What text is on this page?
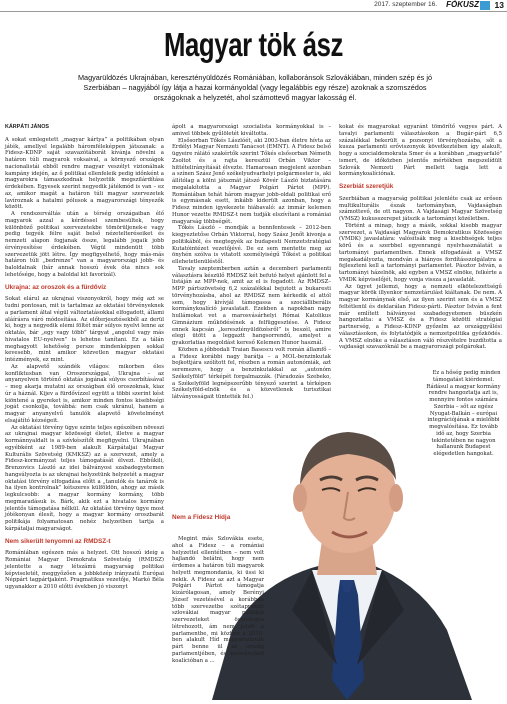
2017. szeptember 16. FÓKUSZ 13
Magyar tök ász
Magyarüldözés Ukrajnában, keresztényüldözés Romániában, kollaboránsok Szlovákiában, minden szép és jó Szerbiában – nagyjából így látja a hazai kormányoldal (vagy legalábbis egy része) azoknak a szomszédos országoknak a helyzetét, ahol számottevő magyar lakosság él.
KÁRPÁTI JÁNOS

A sokat emlegetett „magyar kártya” a politikában olyan játék, amellyel legalább háromféleképpen játszanak: a Fidesz–KDNP saját szavazótáborát kívánja növelni a határon túli magyarok voksaival, a környező országok nacionalistái ebből rendre magyar veszélyt vizionálnak kampány idején, az ő politikai ellenfeleik pedig időnként a magyarokra támaszkodnak helyzetük megszilárdítása érdekében. Egyesek szerint negyedik játékmód is van – ez az, amikor magát a határon túli magyar szervezetek lavíroznak a hatalmi pólusok a magyarországi tényezők között.

A rendszerváltás után a térség országaiban élő magyarok azzal a kérdéssel szembesültek, hogy különböző politikai szervezetekbe tömörüljenek-e vagy pedig tegyék félre saját belső nézetelteréseiket és nemzeti alapon fogjanak össze, legalább jogaik jobb érvényesítése érdekében. Végül mindenütt több szervezetük jött létre. Így megfigyelhető, hogy más-más határon túli „bedrenze” van a magyarországi jobb- és baloldalnak (bár annak hosszú évek óta nincs sok lehetősége, hogy a baloldal kit favorizál).

Ukrajna: az oroszok és a fürdővíz

Sokat elárul az ukrajnai viszonyokról, hogy még azt se tudni pontosan, mit is tartalmaz az oktatási törvényeknek a parlament által végül változtatásokkal elfogadott, állami aláírásra váró módosítása. Az előterjesztésekből az derül ki, hogy a negyedik elemi föltét már súlyos nyelvi lenne az oktatás, bár „egy vagy több” tárgyat „angolul vagy más hivatalos EU-nyelven” is lehetne tanítani. Ez a tálán meghagyott lehetőség persze mindenképpen sokkal kevesebb, mint amikor közvetlen magyar oktatási intézmények, ez mint.

Az alapvető szándék világos: mikorben éles konfliktusban van Oroszországgal, Ukrajna – az anyanyelven történő oktatás jogának súlyos csorbításával – meg akarja mutatni az országban élő oroszoknak, kiaz úr a háznál. Kijev a fürdővízzel együtt a többi szerint kést kiöntené a gyereket is, amikor minden fontos kisebbségi jogát csonkolja, továbbá: nem csak ukránul, hanem a magyar anyanyelvű tanulók alapvető követelményt elsajátító kézségeit.

Az oktatási törvény ügye szinte teljes egészében növeszi az ukrajnai magyar közösségi életet, illetve a magyar kormánnyaldalt is a szívkészítőt megfigyelni. Ukrajnában egyébként az 1989-ben alakult Kárpátaljai Magyar Kulturális Szövetség (KMKSZ) az a szervezet, amely a Fidesz-kormányzat teljes támogatását élvezi. Ebbűkili, Brenzovics László az idei bálványosi szabadegyetemen hangsúlyozta is az ukrajnai helyzetünk helyzetét a magyar oktatási törvény elfogadása előtt a „tanulók és tanárok is ha ilyen kontrolnak” kétszeres külföldön, ahogy az másik legkulcsobb: a magyar kormány kormány, több megmaradásuk is. Bárk, akik ezt a hivatalos kormány jelentős támogatása nélkül. Az oktatási törvény ügye most jótékonyan élesít, hogy a magyar kormány oroszbarát politikája folyamatosan nehéz helyzetben tartja a kárpátaljai magyarságot.

Nem sikerült lenyomni az RMDSZ-t

Romániában egészen más a helyzet. Ott hosszú ideig a Romániai Magyar Demokrata Szövetség (RMDSZ) jelentette a nagy létszámú magyarság politikai képviseletét, meggyőzően a jobbközép irányzatú Európai Néppárt tagpártjaként. Pragmatikus vezetője, Markó Béla ugyanakkor a 2010 előtti években jó viszonyt

ápolt a magyarországi szocialista kormányokkal is – amivel többek gyűlöletét kiváltotta.

Elsősorban Tőkés Lászlóét, aki 2003-ban életre hívta az Erdélyi Magyar Nemzeti Tanácsot (EMNT). A Fidesz belső ügyeire rálátó szakértők szerint Tőkés elsősorban Németh Zsoltot és a rajta keresztül Orbán Viktor – hittételirányítását élvezte. Hamarosan megjelent azonban a színen Szász Jenő székelyudvarhelyi polgármester is, aki állítólag a kölni játszmát játszó Kövér László biztatására megalakította a Magyar Polgári Pártot (MPP). Romániában tehát három magyar jobb-oldali politikai erő is egymásnak esett, inkább kiderült azonban, hogy a Fidesz minden igyekezete hiábavaló: az immár kelemen Hunor vezette RMDSZ-t nem tudják elszívítani a romániai magyarság többségét.

Tőkés László – mondják a bennfentesek – 2012-ben kiegyeztetőse Orbán Viktorral, hogy Szász Jenőt kivonja a politikából, és megtegyék az budapesti Nemzetstratégiai Kutatóintézet vezetőjévé. De ez sem mentette meg az önyhén szólva is vitatott személyiségű Tőkést a politikai ellehetetlenüléstől.

Tavaly szeptemberben aztán a decemberi parlamenti választásra készülő RMDSZ két befutó helyet ajánlott fel a listáján az MPP-nek, amit az el is fogadott. Az RMDSZ–MPP pártszövetség 6,2 százalékkal bejutott a bukaresti törvényhozásba, ahol az RMDSZ nem kérkedik el attól sem, hogy kivívjál támogassa a szociálliberális kormánykoalíció javaslatait. Ezekben a napokban nagy hullámokat vet a marosvásárhelyi Római Katolikus Gimnázium működésének a felfüggesztése. A Fidesz ennek kapcsán „keresztényüldözésről” is beszél, amire elegi ütött a leggaztt hangsorrendű, amelyet a gyakorlatias megoldást kereső Kelemen Hunor használ.

Közben a jóbbodali Traian Basescu volt román államfő – a Fidesz korábbi nagy barátja – a MOL-benzinkutak bojkottjára szólított fel, részben a román autonómiák, azt seremezve, hogy a benzinkutakkal az „autonóm Székelyföld” térképét forgalmazzák. (Fáradozás Szebeko, a Székelyföld legnépszerűbb tényező szerint a térképen Székelyföld-elnök és a közvetlenek turisztikai látványosságait tüntették fel.)

kokat és magyarokat egyaránt tömörítő vegyes párt. A tavalyi parlamenti választásokon a Bugár-párt 6,5 százalékkal bekerült a pozsonyi törvényhozásba, sőt a kusza parlamenti erőviszonyok következtében így alakult, hogy a szocialdemokrata Smer és a korábban „magyarfaló" ismert, de időközben jelentős mértékben megszelídült Szlovák Nemzeti Párt mellett tagja lett a kormánykoalíciónak.

Szerbiát szeretjük

Szerbiában a magyarság politikai jelenléte csak az erősen multikulturális észak tartományban, Vajdaságban számottevő, de ott nagyon. A Vajdasági Magyar Szövetség (VMSZ) kukusszerepet játszik a tartományi közéletben.

Történt a minap, hogy a másik, sokkal kisebb magyar szervezet, a Vajdasági Magyarok Demokratikus Közössége (VMDK) javaslatára: valósítsák meg a kisebbségek teljes körű és a szerbbel egyenrangú nyelvhasználatát a tartományi parlamentben. Ennek elfogadását a VMSZ megakadályozta, mondván a hiányos fordításszolgálatra a fejleszteni kell a tartományi parlamentet. Pásztor István, a tartományi házelnök, aki egyben a VMSZ elnöke, felkérte a VMDK képviselőjét, hogy vonja vissza a javaslatát.

Az ügyet jellemzi, hogy a nemzeti elkötelezettségű magyar körök illyenkor nemzetárulást kiáltanak. De nem. A magyar kormánynak első, az ilyen szerint sem és a VMSZ feltétlenül és deklarálan Fidesz-párti. Pásztor István a fent már említett bálványosi szabadegyetemen büszkén hangoztatta: a VMSZ és a Fidesz közötti stratégiai partnerség, a Fidesz–KDNP győzelm az országgyűlési választásokon, és folytatódjék a nemzetpolitika győzködés. A VMSZ elnöke a választáson váló részvételre buzdította a vajdasági szavazóknál be a magyarországi polgárokat.

Nem a Fidesz Hídja

Megint más Szlovákia esete, ahol a Fidesz – a romániai helyzettel ellentétben – nem volt hajlandó belátni, hogy nem érdemes a határon túli magyarok helyett megmondania, ki üssi ki nekik. A Fidesz az azt a Magyar Polgári Pártot támogatja kizárólagosan, amely Berényi József vezetésével a korábban több szervezetbe szétaprózott szlovákiai magyar politikai szervezeteket összefogva létrehozott, ám nem jutott a parlamentbe, mi közben a 2010-ben alakult Híd magyarszlovák párt benne ül az ország parlamentjében, és kormánybeli koalícióban a ...

Ez a hőség pedig minden támogatást kiérdemel. Rádásul a magyar kormány rendre hangoztatja azt is, mennyire fontos számára Szerbia – sőt az egész Nyugat-Balkán – európai integrációjának a mielőbbi megvalósítása. Ez tovább idő az, hogy Szerbia tekintetében ne nagyon hallanunk Budapest elégedetlen hangokat.
